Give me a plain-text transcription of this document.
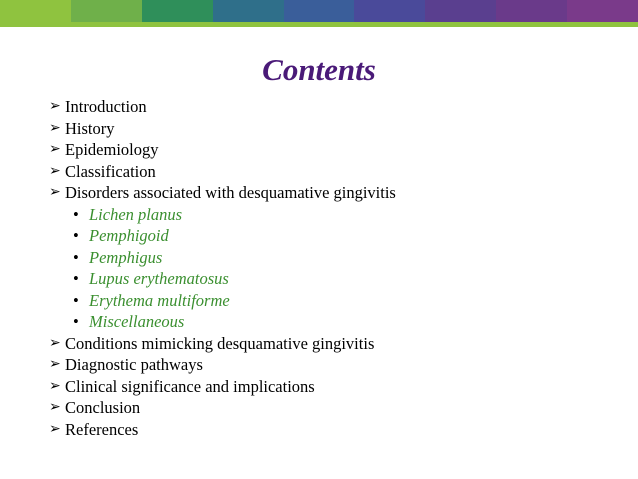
Contents
➢ Introduction
➢ History
➢ Epidemiology
➢ Classification
➢ Disorders associated with desquamative gingivitis
• Lichen planus
• Pemphigoid
• Pemphigus
• Lupus erythematosus
• Erythema multiforme
• Miscellaneous
➢ Conditions mimicking desquamative gingivitis
➢ Diagnostic pathways
➢ Clinical significance and implications
➢ Conclusion
➢ References
